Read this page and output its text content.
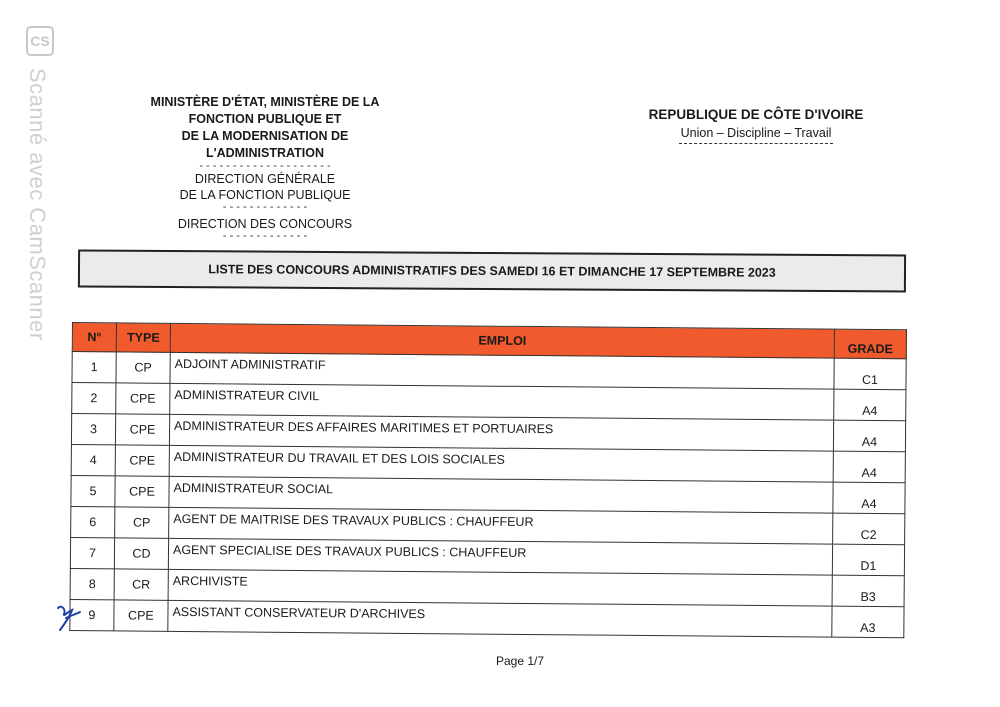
CS
Scanné avec CamScanner	MINISTÈRE D'ÉTAT, MINISTÈRE DE LA
FONCTION PUBLIQUE ET
DE LA MODERNISATION DE
L'ADMINISTRATION
- - - - - - - - - - - - - - - - - - - -
DIRECTION GÉNÉRALE
DE LA FONCTION PUBLIQUE
- - - - - - - - - - - - -
DIRECTION DES CONCOURS
- - - - - - - - - - - - -
REPUBLIQUE DE CÔTE D'IVOIRE
Union – Discipline – Travail
LISTE DES CONCOURS ADMINISTRATIFS DES SAMEDI 16 ET DIMANCHE 17 SEPTEMBRE 2023
N°	TYPE	EMPLOI	GRADE
1	CP	ADJOINT ADMINISTRATIF	C1
2	CPE	ADMINISTRATEUR CIVIL	A4
3	CPE	ADMINISTRATEUR DES AFFAIRES MARITIMES ET PORTUAIRES	A4
4	CPE	ADMINISTRATEUR DU TRAVAIL ET DES LOIS SOCIALES	A4
5	CPE	ADMINISTRATEUR SOCIAL	A4
6	CP	AGENT DE MAITRISE DES TRAVAUX PUBLICS : CHAUFFEUR	C2
7	CD	AGENT SPECIALISE DES TRAVAUX PUBLICS : CHAUFFEUR	D1
8	CR	ARCHIVISTE	B3
9	CPE	ASSISTANT CONSERVATEUR D'ARCHIVES	A3
Page 1/7
